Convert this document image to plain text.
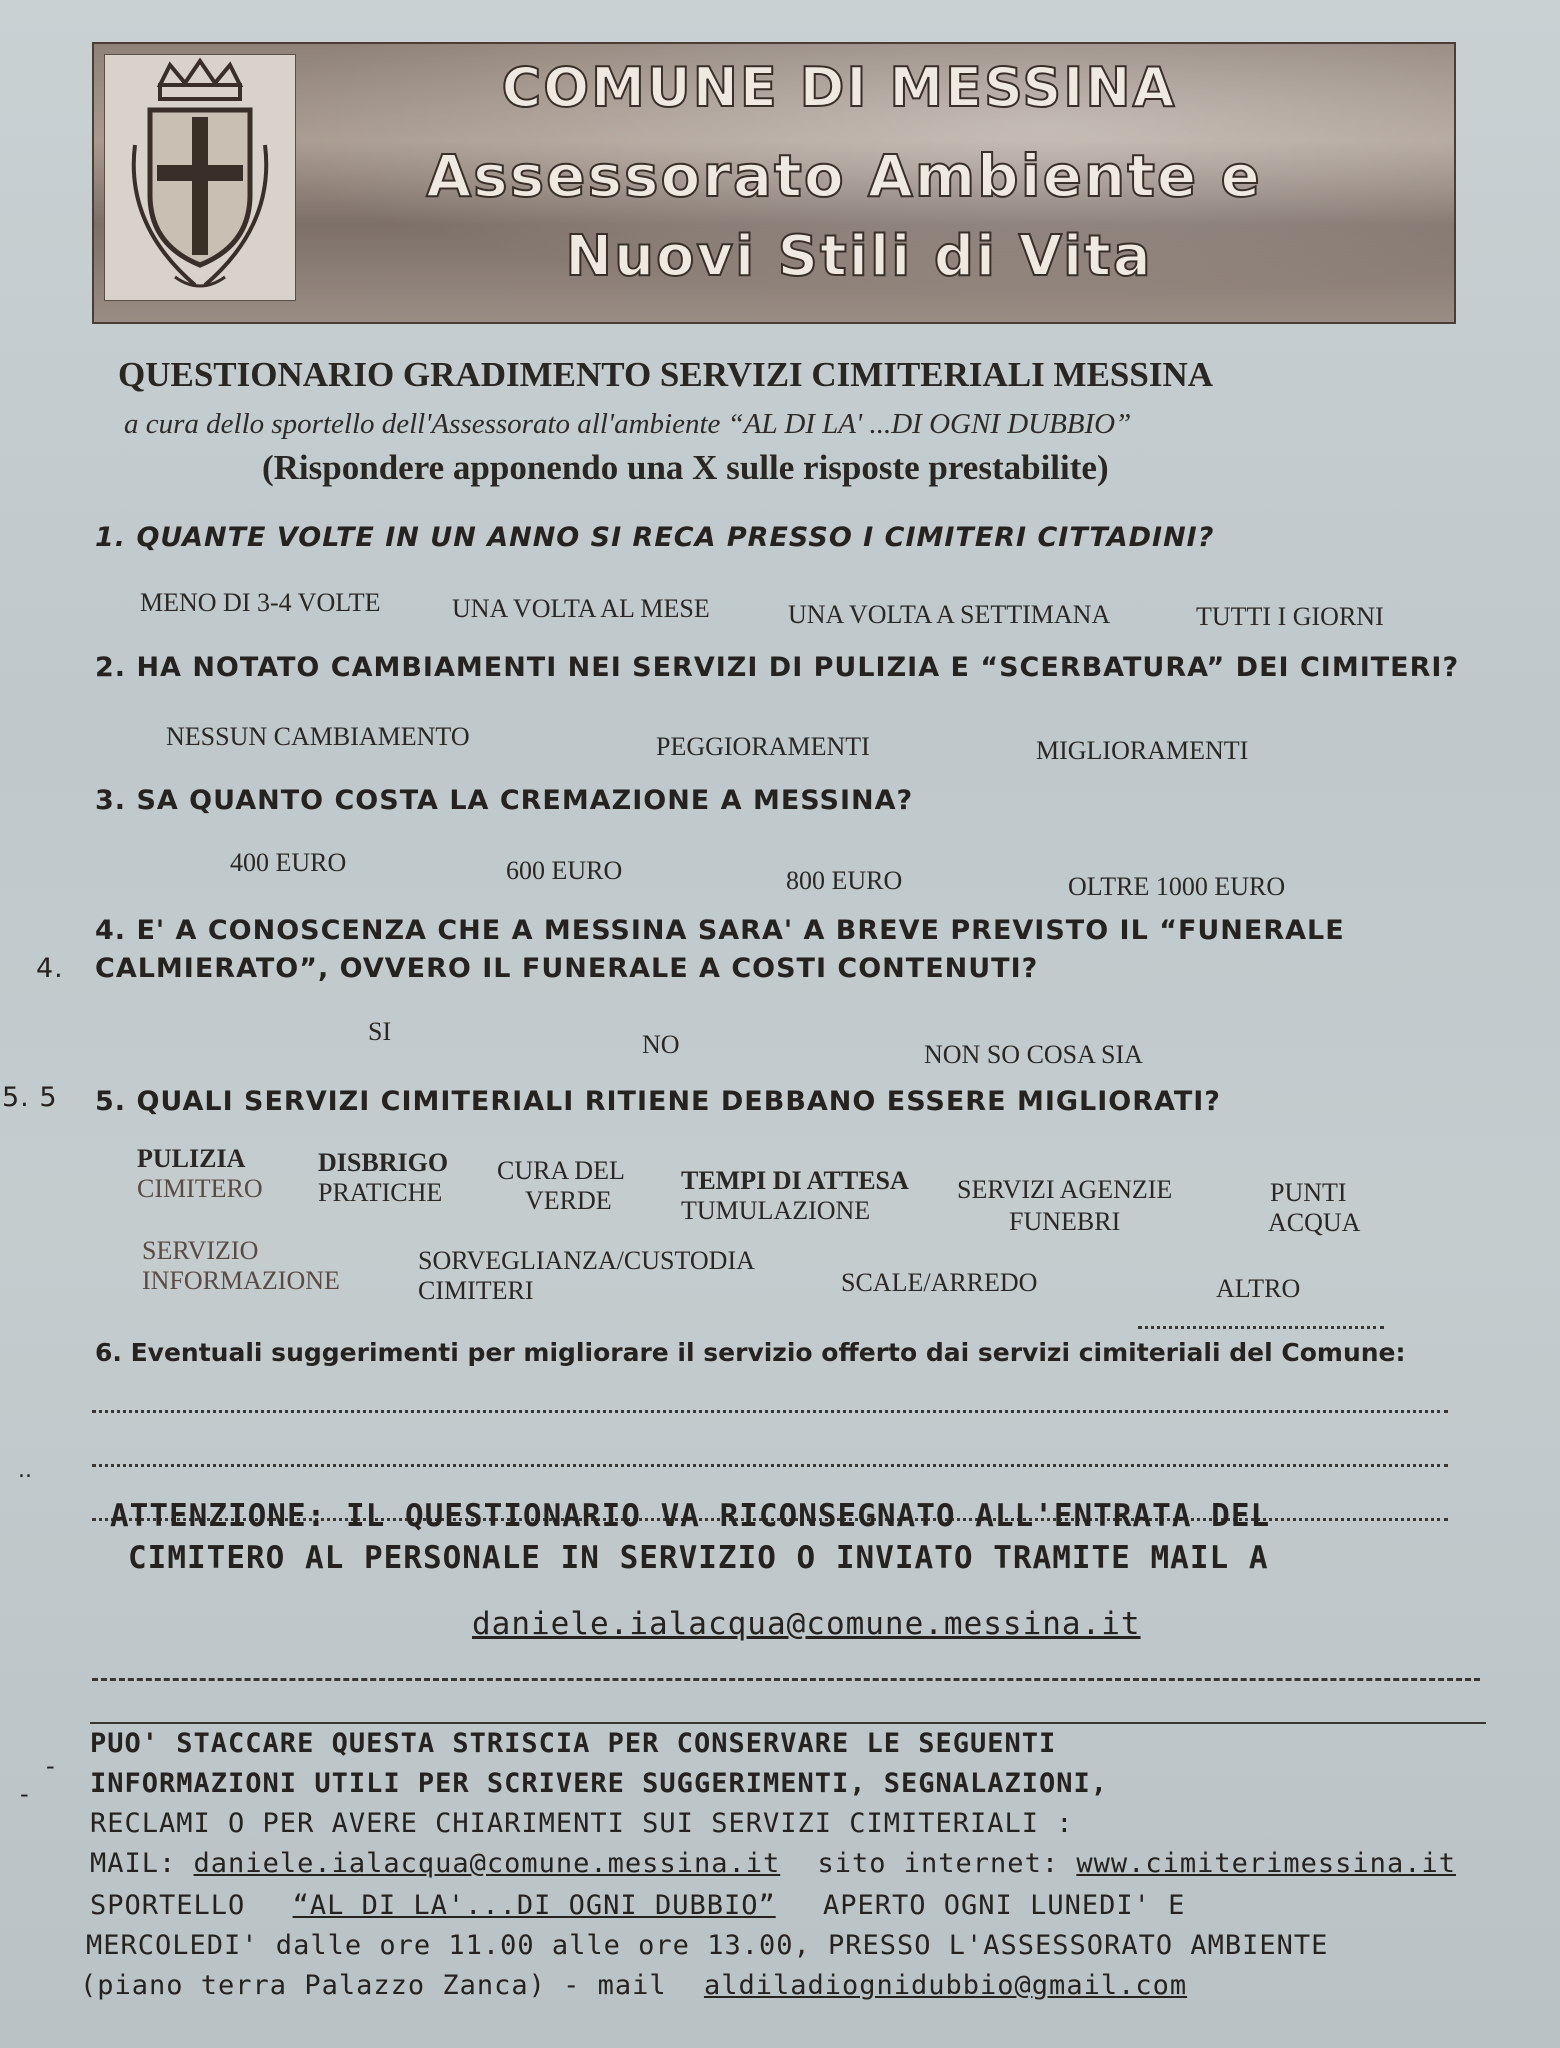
COMUNE DI MESSINA
Assessorato Ambiente e
Nuovi Stili di Vita
QUESTIONARIO GRADIMENTO SERVIZI CIMITERIALI MESSINA
a cura dello sportello dell'Assessorato all'ambiente “AL DI LA' ...DI OGNI DUBBIO”
(Rispondere apponendo una X sulle risposte prestabilite)
1. QUANTE VOLTE IN UN ANNO SI RECA PRESSO I CIMITERI CITTADINI?
MENO DI 3-4 VOLTE	UNA VOLTA AL MESE	UNA VOLTA A SETTIMANA	TUTTI I GIORNI
2. HA NOTATO CAMBIAMENTI NEI SERVIZI DI PULIZIA E “SCERBATURA” DEI CIMITERI?
NESSUN CAMBIAMENTO	PEGGIORAMENTI	MIGLIORAMENTI
3. SA QUANTO COSTA LA CREMAZIONE A MESSINA?
400 EURO	600 EURO	800 EURO	OLTRE 1000 EURO
4. E' A CONOSCENZA CHE A MESSINA SARA' A BREVE PREVISTO IL “FUNERALE
4. CALMIERATO”, OVVERO IL FUNERALE A COSTI CONTENUTI?
SI	NO	NON SO COSA SIA
5. 5 5. QUALI SERVIZI CIMITERIALI RITIENE DEBBANO ESSERE MIGLIORATI?
PULIZIA
CIMITERO
DISBRIGO
PRATICHE
CURA DEL
VERDE
TEMPI DI ATTESA
TUMULAZIONE
SERVIZI AGENZIE
FUNEBRI
PUNTI
ACQUA
SERVIZIO
INFORMAZIONE
SORVEGLIANZA/CUSTODIA
CIMITERI	SCALE/ARREDO	ALTRO
6. Eventuali suggerimenti per migliorare il servizio offerto dai servizi cimiteriali del Comune:
..
ATTENZIONE: IL QUESTIONARIO VA RICONSEGNATO ALL'ENTRATA DEL
CIMITERO AL PERSONALE IN SERVIZIO O INVIATO TRAMITE MAIL A
daniele.ialacqua@comune.messina.it
-
-
PUO' STACCARE QUESTA STRISCIA PER CONSERVARE LE SEGUENTI
INFORMAZIONI UTILI PER SCRIVERE SUGGERIMENTI, SEGNALAZIONI,
RECLAMI O PER AVERE CHIARIMENTI SUI SERVIZI CIMITERIALI :
MAIL: daniele.ialacqua@comune.messina.it sito internet: www.cimiterimessina.it
SPORTELLO “AL DI LA'...DI OGNI DUBBIO” APERTO OGNI LUNEDI' E
MERCOLEDI' dalle ore 11.00 alle ore 13.00, PRESSO L'ASSESSORATO AMBIENTE
(piano terra Palazzo Zanca) - mail aldiladiognidubbio@gmail.com
